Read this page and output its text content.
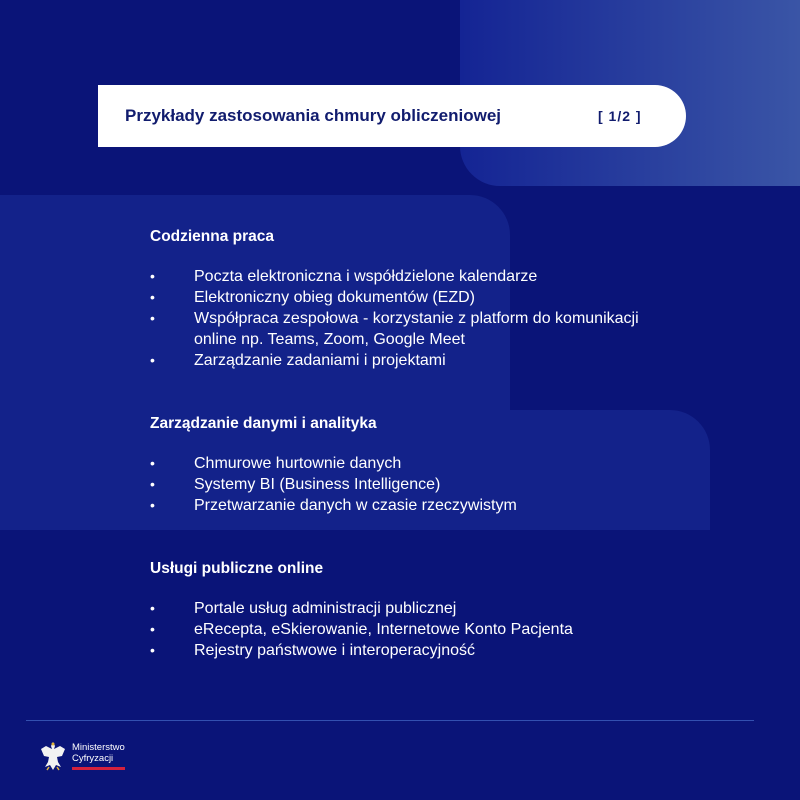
Przykłady zastosowania chmury obliczeniowej	[ 1/2 ]
Codzienna praca
• Poczta elektroniczna i współdzielone kalendarze
• Elektroniczny obieg dokumentów (EZD)
• Współpraca zespołowa - korzystanie z platform do komunikacji online np. Teams, Zoom, Google Meet
• Zarządzanie zadaniami i projektami
Zarządzanie danymi i analityka
• Chmurowe hurtownie danych
• Systemy BI (Business Intelligence)
• Przetwarzanie danych w czasie rzeczywistym
Usługi publiczne online
• Portale usług administracji publicznej
• eRecepta, eSkierowanie, Internetowe Konto Pacjenta
• Rejestry państwowe i interoperacyjność
Ministerstwo
Cyfryzacji
